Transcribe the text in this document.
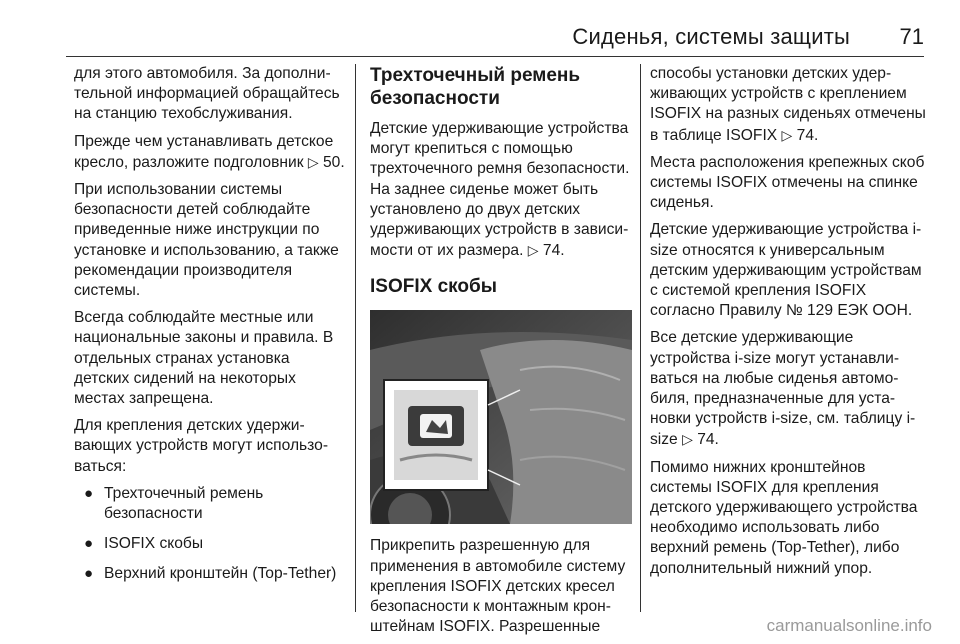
Сиденья, системы защиты 71

для этого автомобиля. За дополнительной информацией обращайтесь на станцию техобслуживания.

Прежде чем устанавливать детское кресло, разложите подголовник ▷ 50.

При использовании системы безопасности детей соблюдайте приведенные ниже инструкции по установке и использованию, а также рекомендации производителя системы.

Всегда соблюдайте местные или национальные законы и правила. В отдельных странах установка детских сидений на некоторых местах запрещена.

Для крепления детских удерживающих устройств могут использоваться:

● Трехточечный ремень безопасности
● ISOFIX скобы
● Верхний кронштейн (Top-Tether)
Трехточечный ремень безопасности

Детские удерживающие устройства могут крепиться с помощью трехточечного ремня безопасности. На заднее сиденье может быть установлено до двух детских удерживающих устройств в зависимости от их размера. ▷ 74.

ISOFIX скобы

Прикрепить разрешенную для применения в автомобиле систему крепления ISOFIX детских кресел безопасности к монтажным кронштейнам ISOFIX. Разрешенные

способы установки детских удерживающих устройств с креплением ISOFIX на разных сиденьях отмечены в таблице ISOFIX ▷ 74.

Места расположения крепежных скоб системы ISOFIX отмечены на спинке сиденья.

Детские удерживающие устройства i-size относятся к универсальным детским удерживающим устройствам с системой крепления ISOFIX согласно Правилу № 129 ЕЭК ООН.

Все детские удерживающие устройства i-size могут устанавливаться на любые сиденья автомобиля, предназначенные для установки устройств i-size, см. таблицу i-size ▷ 74.

Помимо нижних кронштейнов системы ISOFIX для крепления детского удерживающего устройства необходимо использовать либо верхний ремень (Top-Tether), либо дополнительный нижний упор.

carmanualsonline.info
